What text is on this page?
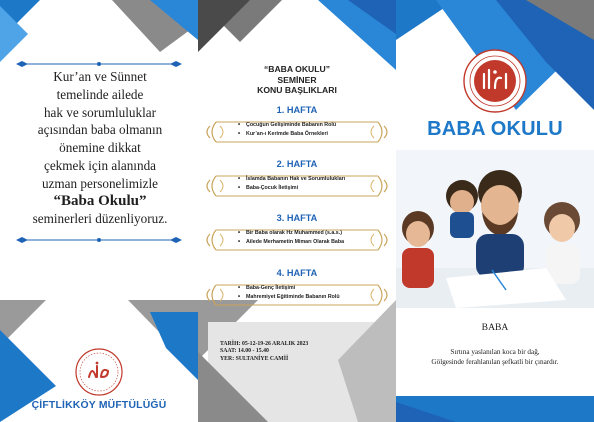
Kur’an ve Sünnet
temelinde ailede
hak ve sorumluluklar
açısından baba olmanın
önemine dikkat
çekmek için alanında
uzman personelimizle
“Baba Okulu”
seminerleri düzenliyoruz.
ÇİFTLİKKÖY MÜFTÜLÜĞÜ
“BABA OKULU”
SEMİNER
KONU BAŞLIKLARI
1. HAFTA
• Çocuğun Gelişiminde Babanın Rolü
• Kur’an-ı Kerimde Baba Örnekleri
2. HAFTA
• İslamda Babanın Hak ve Sorumlulukları
• Baba-Çocuk İletişimi
3. HAFTA
• Bir Baba olarak Hz Muhammed (s.a.s.)
• Ailede Merhametin Mimarı Olarak Baba
4. HAFTA
• Baba-Genç İletişimi
• Mahremiyet Eğitiminde Babanın Rolü
TARİH: 05-12-19-26 ARALIK 2023
SAAT: 14.00 - 15.40
YER: SULTANİYE CAMİİ
BABA OKULU
BABA
Sırtına yaslanılan koca bir dağ,
Gölgesinde ferahlanılan şefkatli bir çınardır.
